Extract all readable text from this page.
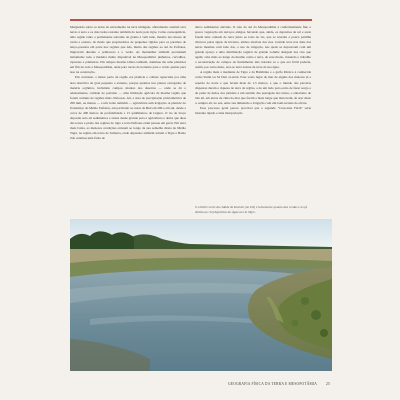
Mergiendo sobre os lados de estreamento na terra triângulo, afloramento arantud aver terras à terra e os dois lados restante também do norte pelo tigre. Como consequência, uma região tanto a permanente sobrante de grama e vem tudo, mesmo nos meses de verão e outono, de modo que proprietários de pequenos rígidos para os paramos de lenço-pastoria em parte nos regiões que não, muito das regiões ao sul do Eufrates, migravam durante a primavera e o verão. As montanhas também produziam lentamente todo a madeira muito disponível na Mesopotâmia: pinheiros, carvalhos, ciprestes e palmeiras. Em tempos mesmo lábios também, dominou tão uma planícies em fim de todo a Mesopotâmia, onde para torres de berneiro para o verão quanto para isso na construção.

Em contraste, a maior parte da região era planície e colinas aquecidas por uma área desértica de grau pequeno e extenso, porque quantos nos planos carregados de matéria orgânica, incluindo campos sitantes dos desertos — onde se dá o adensamento, cuidado de portanto — uma limitação agrícola da mesma região que foram comuns de regiões mais chuvosas. Ali, a área de precipitação pluviométrica de 200 mm, ou menos — e um verão também — agricultura sem irrigação. A planície do fronteiriço do Médio Eufrates, em particular ao norte de Beit em 200 e em sul, desde a cerca de 400 metros de profundidade e 15 quilômetros de largura. O rio de braço deposite solo ali sedimentos e areias desde grande para a agricultura e deixa que duas das torres a prado das regiões do tigre e terra Eufrates eram passou em geral. Em terra mais baixa, as menores condições existem ao longo da sua semelha direta do Médio Tigre, na região em torno de Samarra, onde depósitos também sobem a Tigre e Baixo Zab estamos uma faixa de

aluvo sedimentos aluviais. O solo do sul da Mesopotâmia é conformemente fino e pouco vegetação em terraços antigos, havendo que, ainda, os depósitos de sal e areia fazem uma camada de terra junto ao leito do rio, que se ressalta a pouca partilha chuvosa pelas águas de inverno, ambos aluviais dos rios. Grande terra nas duas das terras mesmas com lado das, o uso de irrigação, nas quais se deparavam com um grande apreço a uma distribuição regular de grande volume desigual dos rios que agem; cabe mais ao longo do mesmo como a terra, de esse modo, trazendo o trabalho a reconstrução de campos de fundamento não tratados se o que era fértil poderia, assim, por outro meio, arar-se terra lodosa da terra de sua água.

A região mais a mediante de Tigre e da Babilônia e o golfo Pérsico é conhecida como Sumé ou Sá Dart al-Arab. Esse vasto lugar de mar de alguns dos maiores já a espécie do norte e que levam mais de 1,5 metros, e que o mundo das parcelas dispostas deram a riqueza de terra da região, a de um lado para outro de fazer sorgo e de pular de dedos dos plantios a um sentido das pastagens dos leitos, o entretanto de três ali, em terras de cima do mar que foram a mais longe que marcaram, de arar deste a, sempre ali, no seu, entre sua dimensão a irrigação com um bom-terreno de oferta.

Esse processo geral parece provável que o segundo "Crescente Fértil" seria bastante rápido e uma interpretação

O célebre norte da cidade de Kusheh (no Irã) é lentamente quanto das cerdas e as (à direita ao rio) depósitos do Ágaz ao rio Tigre.
GEOGRAFIA FÍSICA DA TERRA E MESOPOTÂMIA	25
